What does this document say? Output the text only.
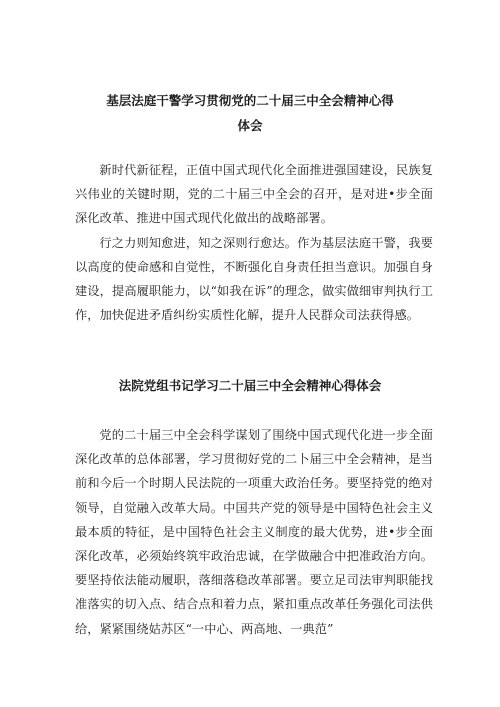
基层法庭干警学习贯彻党的二十届三中全会精神心得
体会

新时代新征程，正值中国式现代化全面推进强国建设，民族复兴伟业的关键时期，党的二十届三中全会的召开，是对进•步全面深化改革、推进中国式现代化做出的战略部署。

行之力则知愈进，知之深则行愈达。作为基层法庭干警，我要以高度的使命感和自觉性，不断强化自身责任担当意识。加强自身建设，提高履职能力，以“如我在诉”的理念，做实做细审判执行工作，加快促进矛盾纠纷实质性化解，提升人民群众司法获得感。

法院党组书记学习二十届三中全会精神心得体会

党的二十届三中全会科学谋划了围绕中国式现代化进一步全面深化改革的总体部署，学习贯彻好党的二卜届三中全会精神，是当前和今后一个时期人民法院的一项重大政治任务。要坚持党的绝对领导，自觉融入改革大局。中国共产党的领导是中国特色社会主义最本质的特征，是中国特色社会主义制度的最大优势，进•步全面深化改革，必须始终筑牢政治忠诚，在学做融合中把准政治方向。要坚持依法能动履职，落细落稳改革部署。要立足司法审判职能找准落实的切入点、结合点和着力点，紧扣重点改革任务强化司法供给，紧紧围绕姑苏区“一中心、两高地、一典范”
